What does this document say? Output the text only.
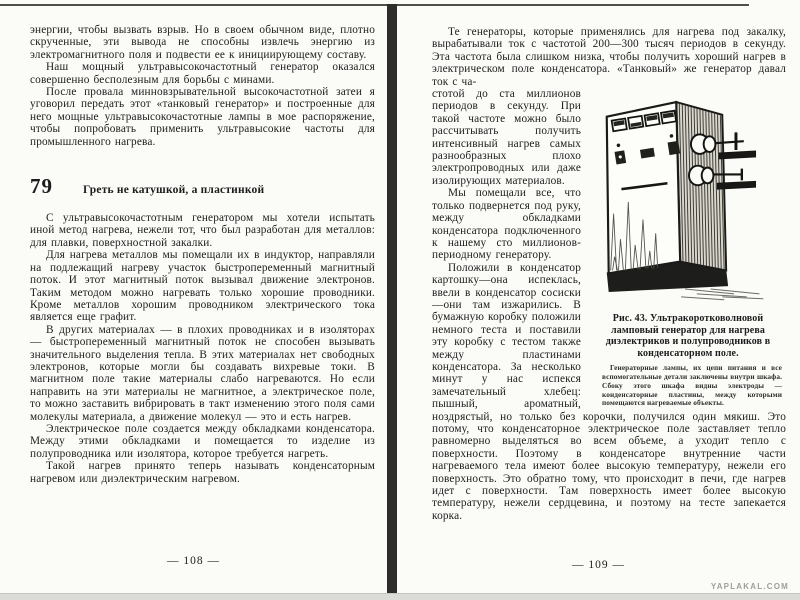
энергии, чтобы вызвать взрыв. Но в своем обычном виде, плотно скрученные, эти вывода не способны извлечь энергию из электромагнитного поля и подвести ее к инициирующему составу.

Наш мощный ультравысокочастотный генератор оказался совершенно бесполезным для борьбы с минами.

После провала минновзрывательной высокочастотной затеи я уговорил передать этот «танковый генератор» и построенные для него мощные ультравысокочастотные лампы в мое распоряжение, чтобы попробовать применить ультравысокие частоты для промышленного нагрева.

79	Греть не катушкой, а пластинкой

С ультравысокочастотным генератором мы хотели испытать иной метод нагрева, нежели тот, что был разработан для металлов: для плавки, поверхностной закалки.

Для нагрева металлов мы помещали их в индуктор, направляли на подлежащий нагреву участок быстропеременный магнитный поток. И этот магнитный поток вызывал движение электронов. Таким методом можно нагревать только хорошие проводники. Кроме металлов хорошим проводником электрического тока является еще графит.

В других материалах — в плохих проводниках и в изоляторах — быстропеременный магнитный поток не способен вызывать значительного выделения тепла. В этих материалах нет свободных электронов, которые могли бы создавать вихревые токи. В магнитном поле такие материалы слабо нагреваются. Но если направить на эти материалы не магнитное, а электрическое поле, то можно заставить вибрировать в такт изменению этого поля сами молекулы материала, а движение молекул — это и есть нагрев.

Электрическое поле создается между обкладками конденсатора. Между этими обкладками и помещается то изделие из полупроводника или изолятора, которое требуется нагреть.

Такой нагрев принято теперь называть конденсаторным нагревом или диэлектрическим нагревом.

— 108 —

Те генераторы, которые применялись для нагрева под закалку, вырабатывали ток с частотой 200—300 тысяч периодов в секунду. Эта частота была слишком низка, чтобы получить хороший нагрев в электрическом поле конденсатора. «Танковый» же генератор давал ток с ча-

Рис. 43. Ультракоротковолновой ламповый генератор для нагрева диэлектриков и полупроводников в конденсаторном поле.
Генераторные лампы, их цепи питания и все вспомогательные детали заключены внутри шкафа. Сбоку этого шкафа видны электроды — конденсаторные пластины, между которыми помещаются нагреваемые объекты.

стотой до ста миллионов периодов в секунду. При такой частоте можно было рассчитывать получить интенсивный нагрев самых разнообразных плохо электропроводных или даже изолирующих материалов.

Мы помещали все, что только подвернется под руку, между обкладками конденсатора подключенного к нашему сто миллионов-периодному генератору.

Положили в конденсатор картошку—она испеклась, ввели в конденсатор сосиски—они там изжарились. В бумажную коробку положили немного теста и поставили эту коробку с тестом также между пластинами конденсатора. За несколько минут у нас испекся замечательный хлебец: пышный, ароматный, ноздрястый, но только без корочки, получился один мякиш. Это потому, что конденсаторное электрическое поле заставляет тепло равномерно выделяться во всем объеме, а уходит тепло с поверхности. Поэтому в конденсаторе внутренние части нагреваемого тела имеют более высокую температуру, нежели его поверхность. Это обратно тому, что происходит в печи, где нагрев идет с поверхности. Там поверхность имеет более высокую температуру, нежели сердцевина, и поэтому на тесте запекается корка.

— 109 —
YAPLAKAL.COM
